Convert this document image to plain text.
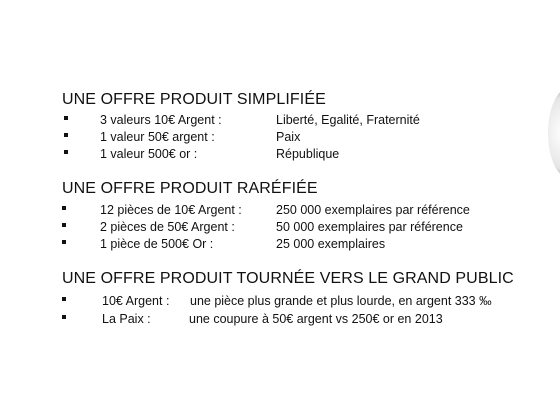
UNE OFFRE PRODUIT SIMPLIFIÉE
3 valeurs 10€ Argent :	Liberté, Egalité, Fraternité
1 valeur 50€ argent :	Paix
1 valeur 500€ or :	République
UNE OFFRE PRODUIT RARÉFIÉE
12 pièces de 10€ Argent :	250 000 exemplaires par référence
2 pièces de 50€ Argent :	50 000 exemplaires par référence
1 pièce de 500€ Or :	25 000 exemplaires
UNE OFFRE PRODUIT TOURNÉE VERS LE GRAND PUBLIC
10€ Argent : une pièce plus grande et plus lourde, en argent 333 ‰
La Paix :	une coupure à 50€ argent vs 250€ or en 2013
